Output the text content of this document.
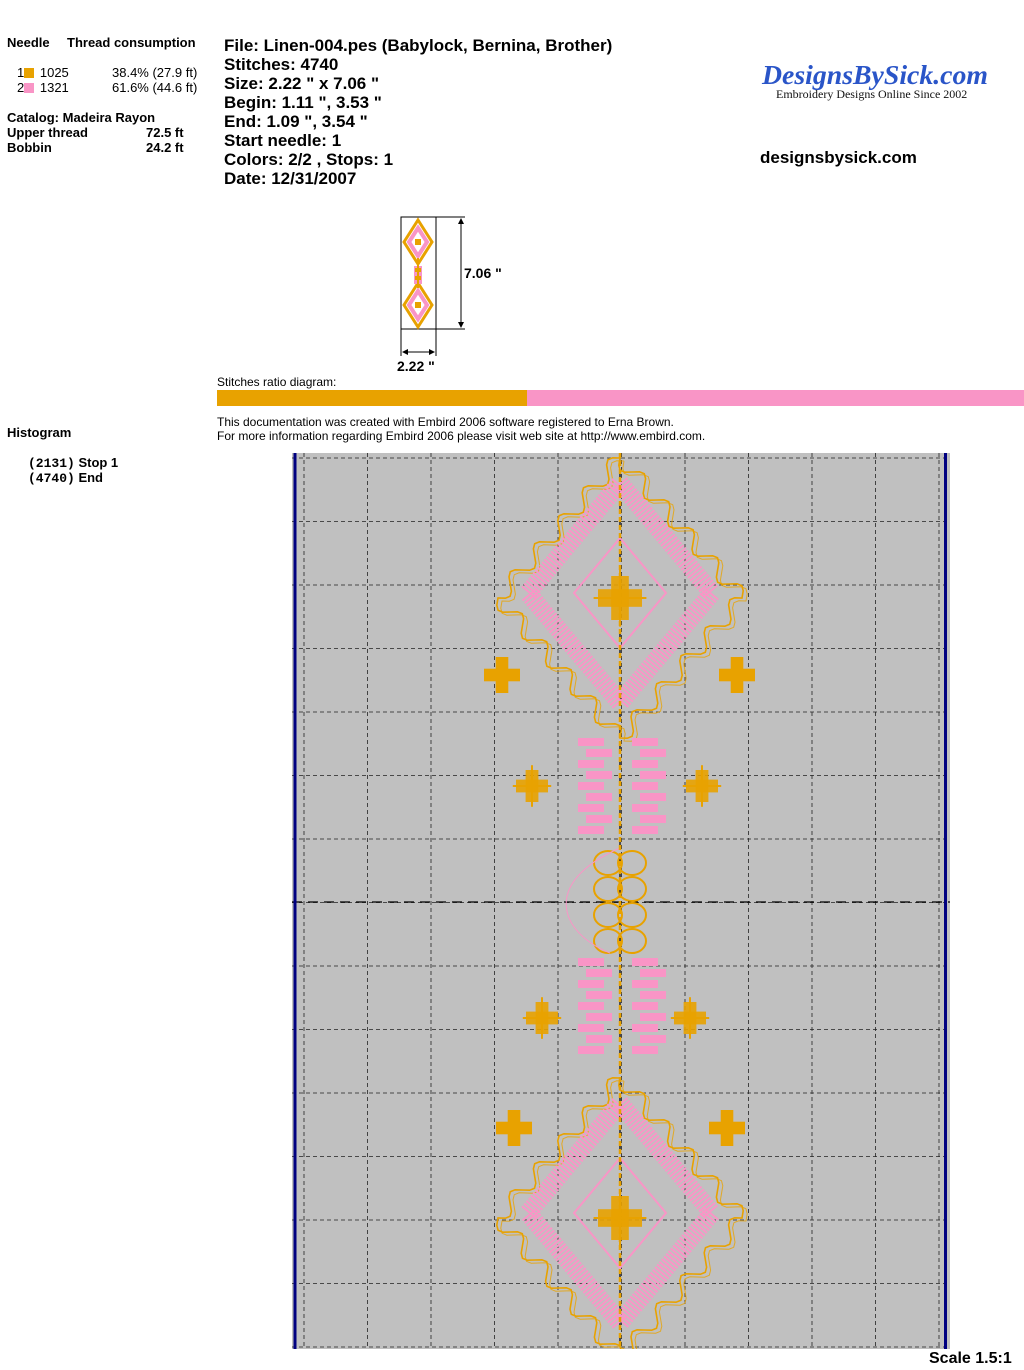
Needle Thread consumption
1 1025	38.4% (27.9 ft)
2 1321	61.6% (44.6 ft)
Catalog: Madeira Rayon
Upper thread	72.5 ft
Bobbin	24.2 ft
File: Linen-004.pes (Babylock, Bernina, Brother)
Stitches: 4740
Size: 2.22 " x 7.06 "
Begin: 1.11 ", 3.53 "
End: 1.09 ", 3.54 "
Start needle: 1
Colors: 2/2 , Stops: 1
Date: 12/31/2007
DesignsBySick.com
Embroidery Designs Online Since 2002
designsbysick.com
7.06 "
2.22 "
Stitches ratio diagram:
This documentation was created with Embird 2006 software registered to Erna Brown.
For more information regarding Embird 2006 please visit web site at http://www.embird.com.
Histogram
(2131) Stop 1
(4740) End
Scale 1.5:1
